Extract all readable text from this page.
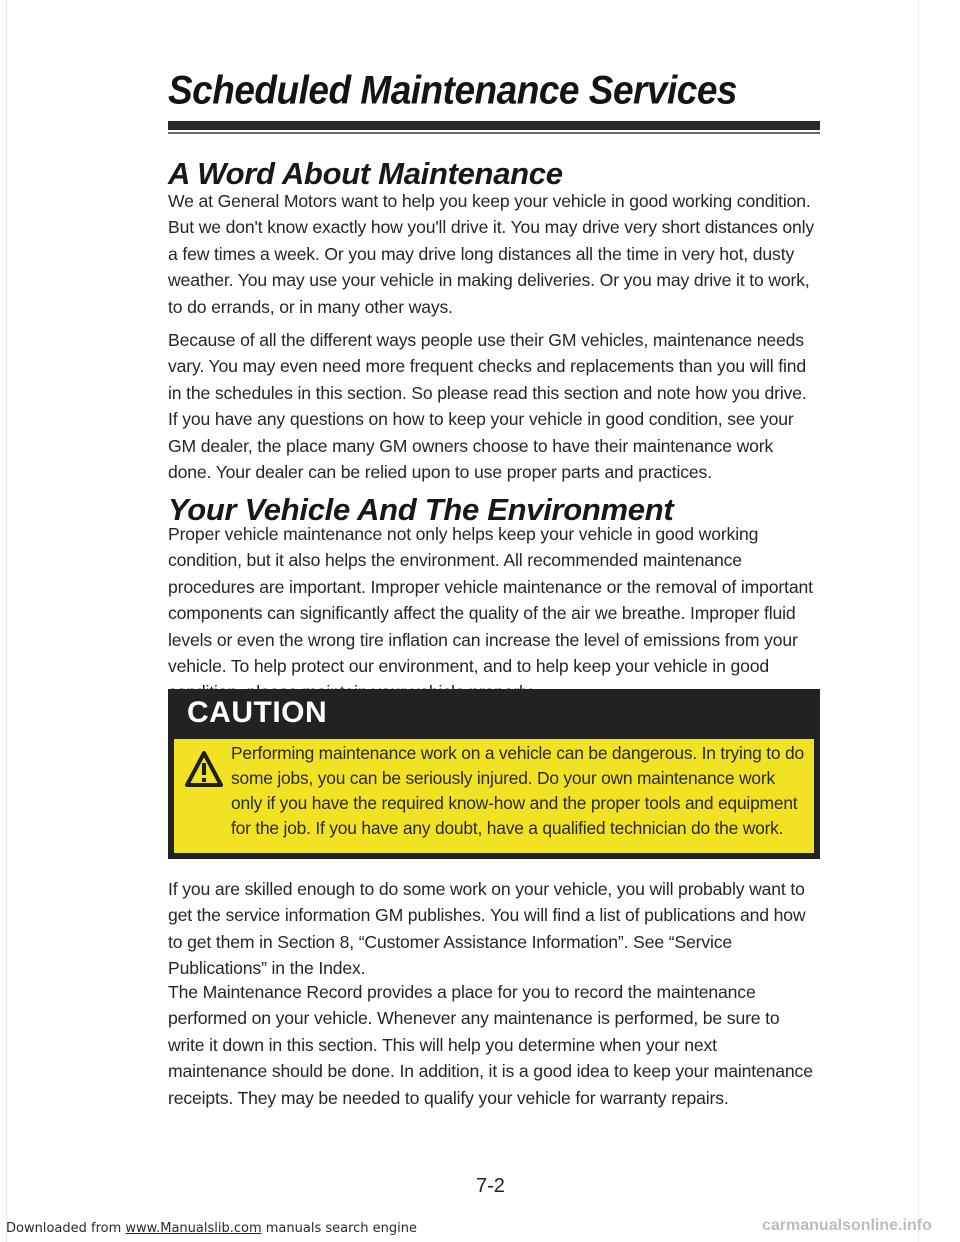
Scheduled Maintenance Services
A Word About Maintenance

We at General Motors want to help you keep your vehicle in good working condition. But we don't know exactly how you'll drive it. You may drive very short distances only a few times a week. Or you may drive long distances all the time in very hot, dusty weather. You may use your vehicle in making deliveries. Or you may drive it to work, to do errands, or in many other ways.

Because of all the different ways people use their GM vehicles, maintenance needs vary. You may even need more frequent checks and replacements than you will find in the schedules in this section. So please read this section and note how you drive. If you have any questions on how to keep your vehicle in good condition, see your GM dealer, the place many GM owners choose to have their maintenance work done. Your dealer can be relied upon to use proper parts and practices.

Your Vehicle And The Environment

Proper vehicle maintenance not only helps keep your vehicle in good working condition, but it also helps the environment. All recommended maintenance procedures are important. Improper vehicle maintenance or the removal of important components can significantly affect the quality of the air we breathe. Improper fluid levels or even the wrong tire inflation can increase the level of emissions from your vehicle. To help protect our environment, and to help keep your vehicle in good

CAUTION

Performing maintenance work on a vehicle can be dangerous. In trying to do some jobs, you can be seriously injured. Do your own maintenance work only if you have the required know-how and the proper tools and equipment for the job. If you have any doubt, have a qualified technician do the work.

If you are skilled enough to do some work on your vehicle, you will probably want to get the service information GM publishes. You will find a list of publications and how to get them in Section 8, “Customer Assistance Information”. See “Service Publications” in the Index.

The Maintenance Record provides a place for you to record the maintenance performed on your vehicle. Whenever any maintenance is performed, be sure to write it down in this section. This will help you determine when your next maintenance should be done. In addition, it is a good idea to keep your maintenance receipts. They may be needed to qualify your vehicle for warranty repairs.

7-2

Downloaded from www.Manualslib.com manuals search engine	carmanualsonline.info
